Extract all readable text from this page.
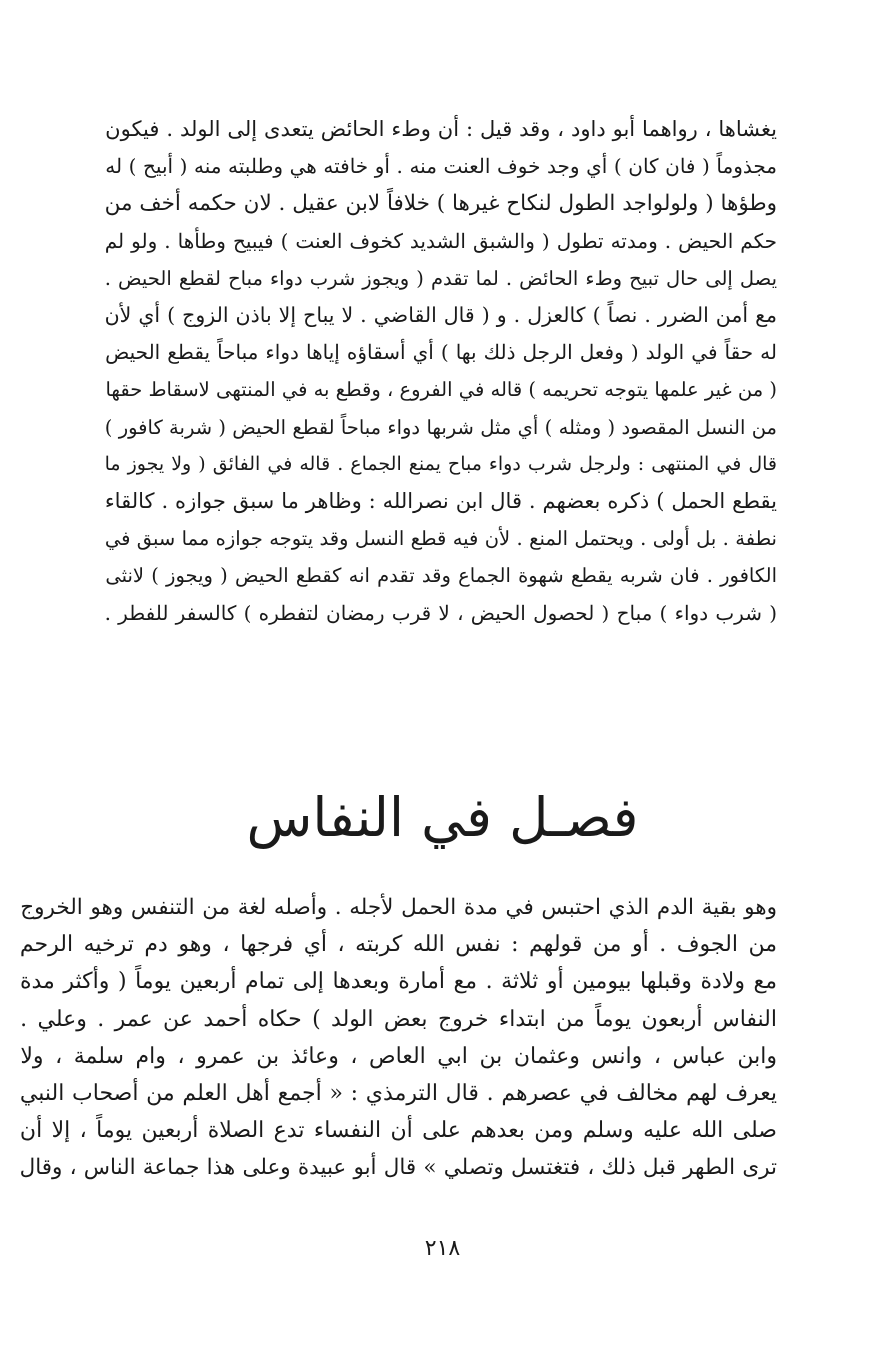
يغشاها ، رواهما أبو داود ، وقد قيل : أن وطء الحائض يتعدى إلى الولد . فيكون
مجذوماً ( فان كان ) أي وجد خوف العنت منه . أو خافته هي وطلبته منه ( أبيح ) له
وطؤها ( ولولواجد الطول لنكاح غيرها ) خلافاً لابن عقيل . لان حكمه أخف من
حكم الحيض . ومدته تطول ( والشبق الشديد كخوف العنت ) فيبيح وطأها . ولو لم
يصل إلى حال تبيح وطء الحائض . لما تقدم ( ويجوز شرب دواء مباح لقطع الحيض .
مع أمن الضرر . نصاً ) كالعزل . و ( قال القاضي . لا يباح إلا باذن الزوج ) أي لأن
له حقاً في الولد ( وفعل الرجل ذلك بها ) أي أسقاؤه إياها دواء مباحاً يقطع الحيض
( من غير علمها يتوجه تحريمه ) قاله في الفروع ، وقطع به في المنتهى لاسقاط حقها
من النسل المقصود ( ومثله ) أي مثل شربها دواء مباحاً لقطع الحيض ( شربة كافور )
قال في المنتهى : ولرجل شرب دواء مباح يمنع الجماع . قاله في الفائق ( ولا يجوز ما
يقطع الحمل ) ذكره بعضهم . قال ابن نصرالله : وظاهر ما سبق جوازه . كالقاء
نطفة . بل أولى . ويحتمل المنع . لأن فيه قطع النسل وقد يتوجه جوازه مما سبق في
الكافور . فان شربه يقطع شهوة الجماع وقد تقدم انه كقطع الحيض ( ويجوز ) لانثى
( شرب دواء ) مباح ( لحصول الحيض ، لا قرب رمضان لتفطره ) كالسفر للفطر .
فصـل في النفاس
وهو بقية الدم الذي احتبس في مدة الحمل لأجله . وأصله لغة من التنفس وهو الخروج
من الجوف . أو من قولهم : نفس الله كربته ، أي فرجها ، وهو دم ترخيه الرحم
مع ولادة وقبلها بيومين أو ثلاثة . مع أمارة وبعدها إلى تمام أربعين يوماً ( وأكثر مدة
النفاس أربعون يوماً من ابتداء خروج بعض الولد ) حكاه أحمد عن عمر . وعلي .
وابن عباس ، وانس وعثمان بن ابي العاص ، وعائذ بن عمرو ، وام سلمة ، ولا
يعرف لهم مخالف في عصرهم . قال الترمذي : « أجمع أهل العلم من أصحاب النبي
صلى الله عليه وسلم ومن بعدهم على أن النفساء تدع الصلاة أربعين يوماً ، إلا أن
ترى الطهر قبل ذلك ، فتغتسل وتصلي » قال أبو عبيدة وعلى هذا جماعة الناس ، وقال
٢١٨
